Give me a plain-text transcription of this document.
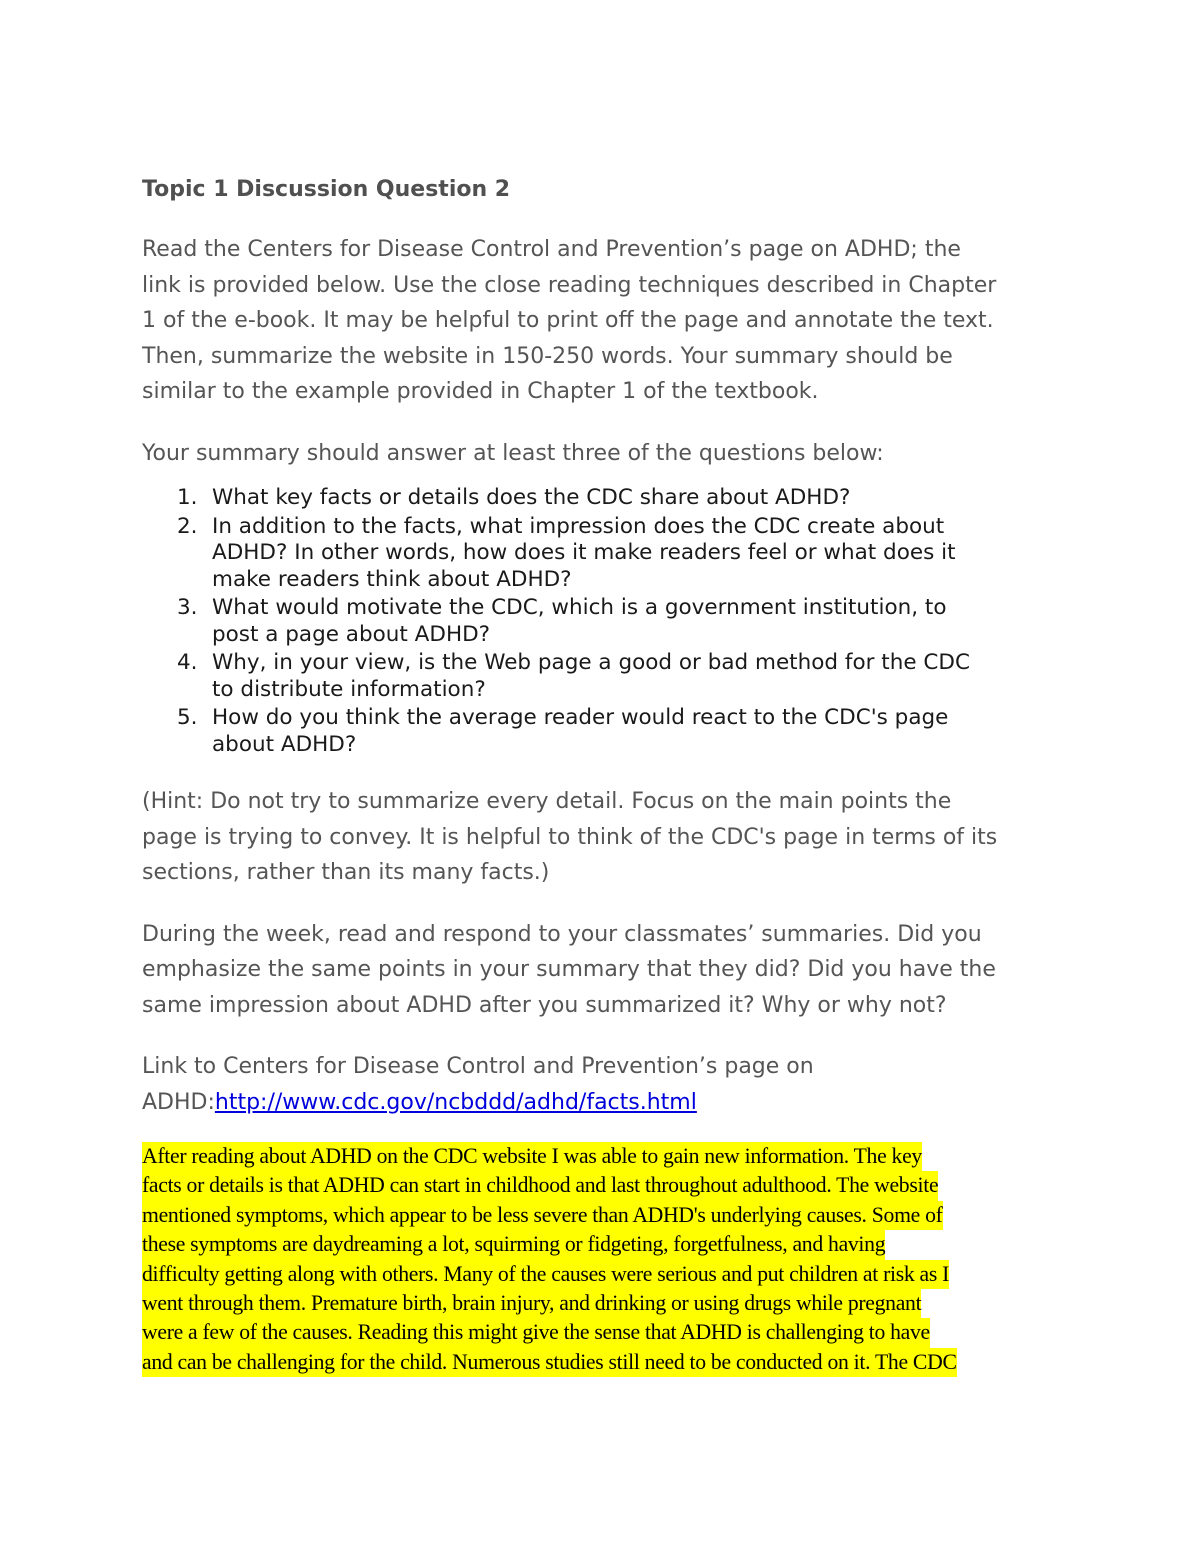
Topic 1 Discussion Question 2
Read the Centers for Disease Control and Prevention’s page on ADHD; the
link is provided below. Use the close reading techniques described in Chapter
1 of the e-book. It may be helpful to print off the page and annotate the text.
Then, summarize the website in 150-250 words. Your summary should be
similar to the example provided in Chapter 1 of the textbook.
Your summary should answer at least three of the questions below:
1. What key facts or details does the CDC share about ADHD?
2. In addition to the facts, what impression does the CDC create about
ADHD? In other words, how does it make readers feel or what does it
make readers think about ADHD?
3. What would motivate the CDC, which is a government institution, to
post a page about ADHD?
4. Why, in your view, is the Web page a good or bad method for the CDC
to distribute information?
5. How do you think the average reader would react to the CDC's page
about ADHD?
(Hint: Do not try to summarize every detail. Focus on the main points the
page is trying to convey. It is helpful to think of the CDC's page in terms of its
sections, rather than its many facts.)
During the week, read and respond to your classmates’ summaries. Did you
emphasize the same points in your summary that they did? Did you have the
same impression about ADHD after you summarized it? Why or why not?
Link to Centers for Disease Control and Prevention’s page on
ADHD:http://www.cdc.gov/ncbddd/adhd/facts.html
After reading about ADHD on the CDC website I was able to gain new information. The key
facts or details is that ADHD can start in childhood and last throughout adulthood. The website
mentioned symptoms, which appear to be less severe than ADHD's underlying causes. Some of
these symptoms are daydreaming a lot, squirming or fidgeting, forgetfulness, and having
difficulty getting along with others. Many of the causes were serious and put children at risk as I
went through them. Premature birth, brain injury, and drinking or using drugs while pregnant
were a few of the causes. Reading this might give the sense that ADHD is challenging to have
and can be challenging for the child. Numerous studies still need to be conducted on it. The CDC
